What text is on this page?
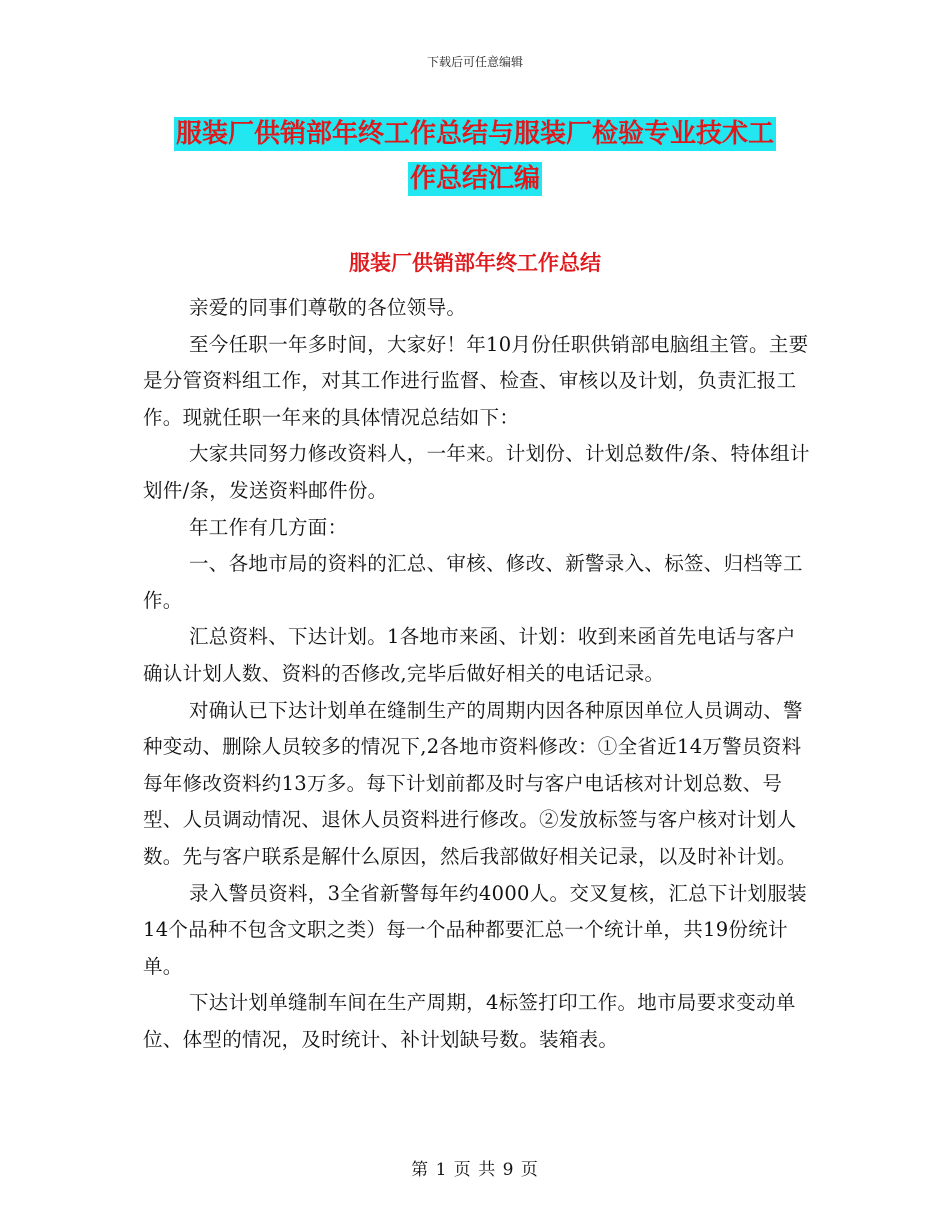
下载后可任意编辑
服装厂供销部年终工作总结与服装厂检验专业技术工
作总结汇编
服装厂供销部年终工作总结

亲爱的同事们尊敬的各位领导。

至今任职一年多时间，大家好！年10月份任职供销部电脑组主管。主要是分管资料组工作，对其工作进行监督、检查、审核以及计划，负责汇报工作。现就任职一年来的具体情况总结如下：

大家共同努力修改资料人，一年来。计划份、计划总数件/条、特体组计划件/条，发送资料邮件份。

年工作有几方面：

一、各地市局的资料的汇总、审核、修改、新警录入、标签、归档等工作。

汇总资料、下达计划。1各地市来函、计划：收到来函首先电话与客户确认计划人数、资料的否修改,完毕后做好相关的电话记录。

对确认已下达计划单在缝制生产的周期内因各种原因单位人员调动、警种变动、删除人员较多的情况下,2各地市资料修改：①全省近14万警员资料每年修改资料约13万多。每下计划前都及时与客户电话核对计划总数、号型、人员调动情况、退休人员资料进行修改。②发放标签与客户核对计划人数。先与客户联系是解什么原因，然后我部做好相关记录，以及时补计划。

录入警员资料，3全省新警每年约4000人。交叉复核，汇总下计划服装14个品种不包含文职之类）每一个品种都要汇总一个统计单，共19份统计单。

下达计划单缝制车间在生产周期，4标签打印工作。地市局要求变动单位、体型的情况，及时统计、补计划缺号数。装箱表。

第 1 页 共 9 页
